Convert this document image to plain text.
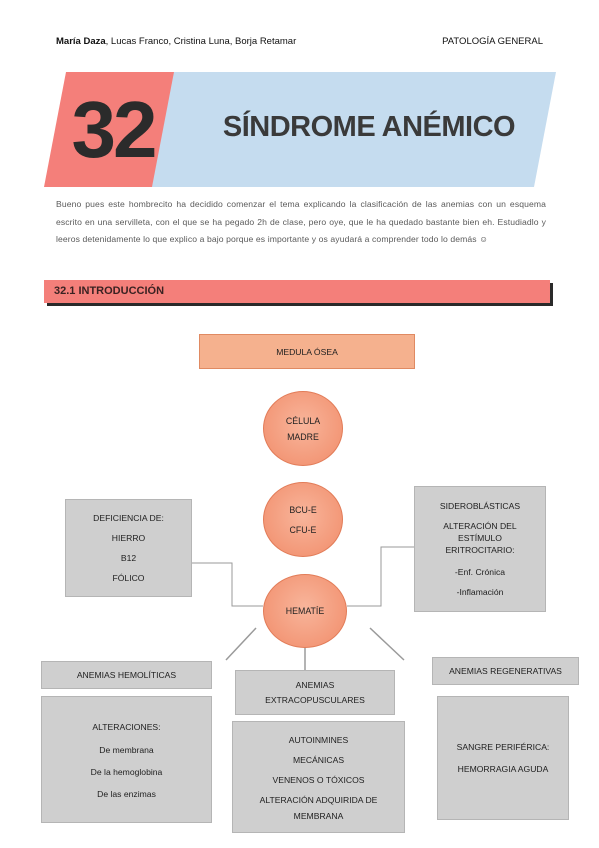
María Daza, Lucas Franco, Cristina Luna, Borja Retamar	PATOLOGÍA GENERAL
32	SÍNDROME ANÉMICO
Bueno pues este hombrecito ha decidido comenzar el tema explicando la clasificación de las anemias con un esquema escrito en una servilleta, con el que se ha pegado 2h de clase, pero oye, que le ha quedado bastante bien eh. Estudiadlo y leeros detenidamente lo que explico a bajo porque es importante y os ayudará a comprender todo lo demás ☺
32.1 INTRODUCCIÓN
MEDULA ÓSEA
CÉLULA
MADRE
BCU-E
CFU-E
HEMATÍE
DEFICIENCIA DE:
HIERRO
B12
FÓLICO
SIDEROBLÁSTICAS
ALTERACIÓN DEL ESTÍMULO ERITROCITARIO:
-Enf. Crónica
-Inflamación
ANEMIAS HEMOLÍTICAS
ALTERACIONES:
De membrana
De la hemoglobina
De las enzimas
ANEMIAS
EXTRACOPUSCULARES
AUTOINMINES
MECÁNICAS
VENENOS O TÓXICOS
ALTERACIÓN ADQUIRIDA DE MEMBRANA
ANEMIAS REGENERATIVAS
SANGRE PERIFÉRICA:
HEMORRAGIA AGUDA
